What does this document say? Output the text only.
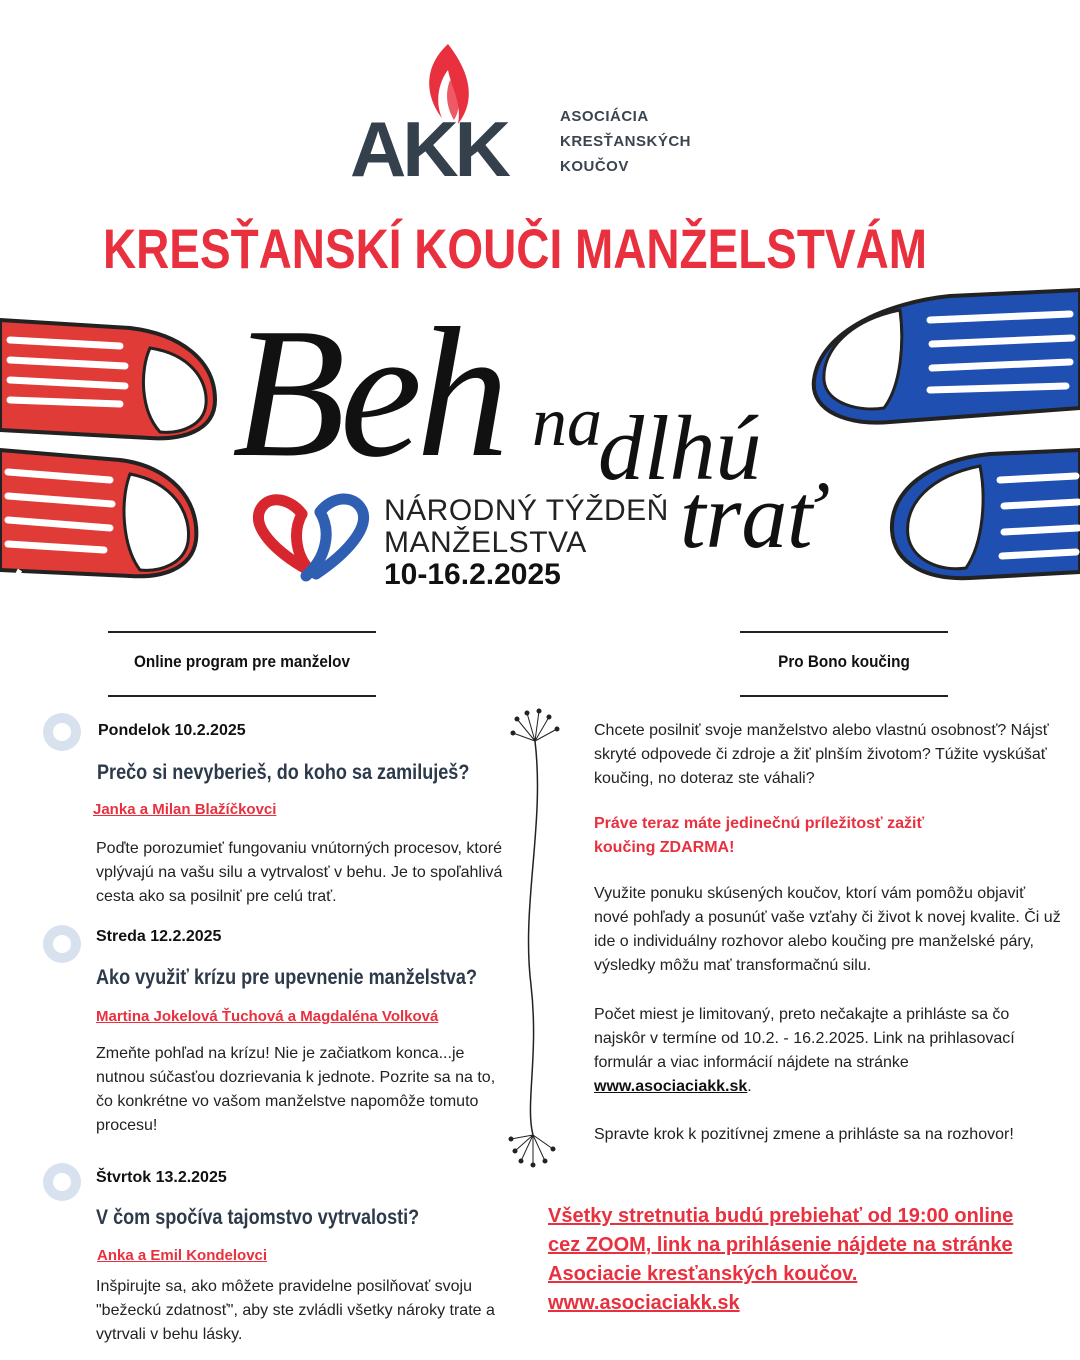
AKK	ASOCIÁCIA
KRESŤANSKÝCH
KOUČOV
KRESŤANSKÍ KOUČI MANŽELSTVÁM
Beh na
dlhú
trať
NÁRODNÝ TÝŽDEŇ
MANŽELSTVA
10-16.2.2025
Online program pre manželov	Pro Bono koučing
Pondelok 10.2.2025
Prečo si nevyberieš, do koho sa zamiluješ?
Janka a Milan Blažíčkovci
Poďte porozumieť fungovaniu vnútorných procesov, ktoré vplývajú na vašu silu a vytrvalosť v behu. Je to spoľahlivá cesta ako sa posilniť pre celú trať.
Streda 12.2.2025
Ako využiť krízu pre upevnenie manželstva?
Martina Jokelová Ťuchová a Magdaléna Volková
Zmeňte pohľad na krízu! Nie je začiatkom konca...je nutnou súčasťou dozrievania k jednote. Pozrite sa na to, čo konkrétne vo vašom manželstve napomôže tomuto procesu!
Štvrtok 13.2.2025
V čom spočíva tajomstvo vytrvalosti?
Anka a Emil Kondelovci
Inšpirujte sa, ako môžete pravidelne posilňovať svoju "bežeckú zdatnosť", aby ste zvládli všetky nároky trate a vytrvali v behu lásky.
Chcete posilniť svoje manželstvo alebo vlastnú osobnosť? Nájsť skryté odpovede či zdroje a žiť plnším životom? Túžite vyskúšať koučing, no doteraz ste váhali?
Práve teraz máte jedinečnú príležitosť zažiť
koučing ZDARMA!
Využite ponuku skúsených koučov, ktorí vám pomôžu objaviť nové pohľady a posunúť vaše vzťahy či život k novej kvalite. Či už ide o individuálny rozhovor alebo koučing pre manželské páry, výsledky môžu mať transformačnú silu.
Počet miest je limitovaný, preto nečakajte a prihláste sa čo najskôr v termíne od 10.2. - 16.2.2025. Link na prihlasovací formulár a viac informácií nájdete na stránke www.asociaciakk.sk.
Spravte krok k pozitívnej zmene a prihláste sa na rozhovor!
Všetky stretnutia budú prebiehať od 19:00 online cez ZOOM, link na prihlásenie nájdete na stránke Asociacie kresťanských koučov.
www.asociaciakk.sk
